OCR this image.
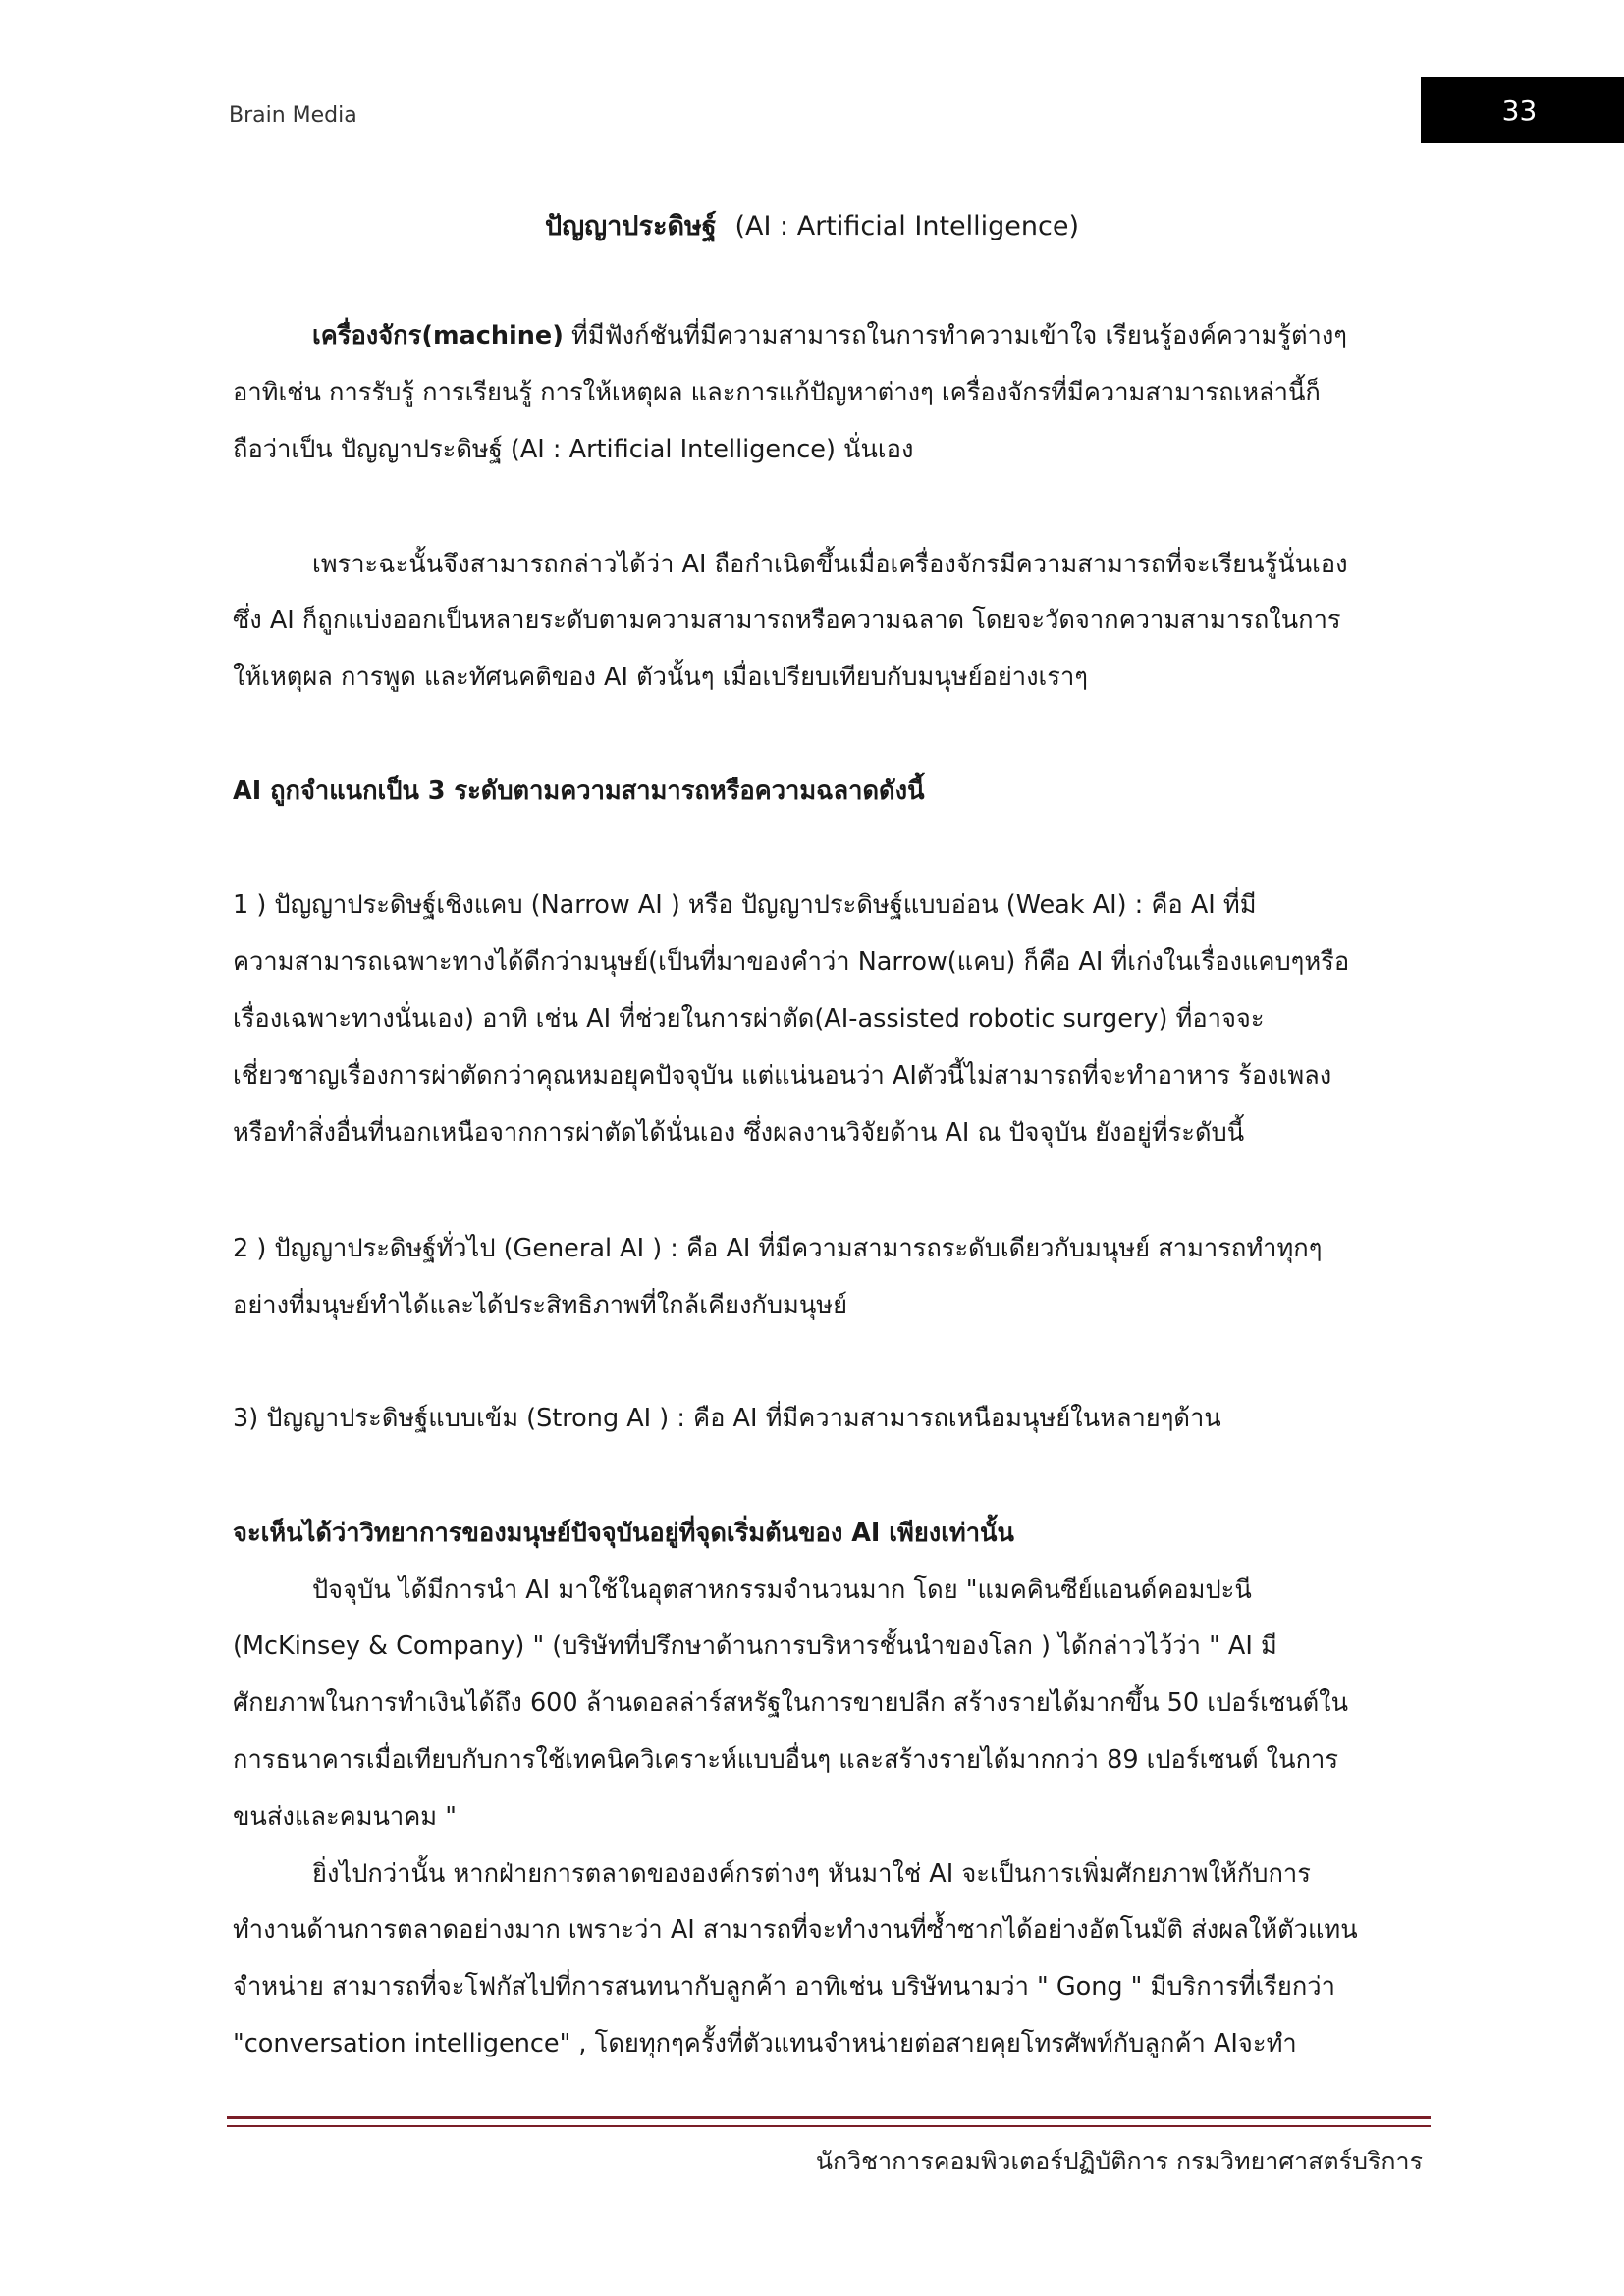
Brain Media	33
ปัญญาประดิษฐ์ (AI : Artificial Intelligence)
เครื่องจักร(machine) ที่มีฟังก์ชันที่มีความสามารถในการทำความเข้าใจ เรียนรู้องค์ความรู้ต่างๆ
อาทิเช่น การรับรู้ การเรียนรู้ การให้เหตุผล และการแก้ปัญหาต่างๆ เครื่องจักรที่มีความสามารถเหล่านี้ก็
ถือว่าเป็น ปัญญาประดิษฐ์ (AI : Artificial Intelligence) นั่นเอง
เพราะฉะนั้นจึงสามารถกล่าวได้ว่า AI ถือกำเนิดขึ้นเมื่อเครื่องจักรมีความสามารถที่จะเรียนรู้นั่นเอง
ซึ่ง AI ก็ถูกแบ่งออกเป็นหลายระดับตามความสามารถหรือความฉลาด โดยจะวัดจากความสามารถในการ
ให้เหตุผล การพูด และทัศนคติของ AI ตัวนั้นๆ เมื่อเปรียบเทียบกับมนุษย์อย่างเราๆ
AI ถูกจำแนกเป็น 3 ระดับตามความสามารถหรือความฉลาดดังนี้
1 ) ปัญญาประดิษฐ์เชิงแคบ (Narrow AI ) หรือ ปัญญาประดิษฐ์แบบอ่อน (Weak AI) : คือ AI ที่มี
ความสามารถเฉพาะทางได้ดีกว่ามนุษย์(เป็นที่มาของคำว่า Narrow(แคบ) ก็คือ AI ที่เก่งในเรื่องแคบๆหรือ
เรื่องเฉพาะทางนั่นเอง) อาทิ เช่น AI ที่ช่วยในการผ่าตัด(AI-assisted robotic surgery) ที่อาจจะ
เชี่ยวชาญเรื่องการผ่าตัดกว่าคุณหมอยุคปัจจุบัน แต่แน่นอนว่า AIตัวนี้ไม่สามารถที่จะทำอาหาร ร้องเพลง
หรือทำสิ่งอื่นที่นอกเหนือจากการผ่าตัดได้นั่นเอง ซึ่งผลงานวิจัยด้าน AI ณ ปัจจุบัน ยังอยู่ที่ระดับนี้
2 ) ปัญญาประดิษฐ์ทั่วไป (General AI ) : คือ AI ที่มีความสามารถระดับเดียวกับมนุษย์ สามารถทำทุกๆ
อย่างที่มนุษย์ทำได้และได้ประสิทธิภาพที่ใกล้เคียงกับมนุษย์
3) ปัญญาประดิษฐ์แบบเข้ม (Strong AI ) : คือ AI ที่มีความสามารถเหนือมนุษย์ในหลายๆด้าน
จะเห็นได้ว่าวิทยาการของมนุษย์ปัจจุบันอยู่ที่จุดเริ่มต้นของ AI เพียงเท่านั้น
ปัจจุบัน ได้มีการนำ AI มาใช้ในอุตสาหกรรมจำนวนมาก โดย "แมคคินซีย์แอนด์คอมปะนี
(McKinsey & Company) " (บริษัทที่ปรึกษาด้านการบริหารชั้นนำของโลก ) ได้กล่าวไว้ว่า " AI มี
ศักยภาพในการทำเงินได้ถึง 600 ล้านดอลล่าร์สหรัฐในการขายปลีก สร้างรายได้มากขึ้น 50 เปอร์เซนต์ใน
การธนาคารเมื่อเทียบกับการใช้เทคนิควิเคราะห์แบบอื่นๆ และสร้างรายได้มากกว่า 89 เปอร์เซนต์ ในการ
ขนส่งและคมนาคม "
ยิ่งไปกว่านั้น หากฝ่ายการตลาดขององค์กรต่างๆ หันมาใช่ AI จะเป็นการเพิ่มศักยภาพให้กับการ
ทำงานด้านการตลาดอย่างมาก เพราะว่า AI สามารถที่จะทำงานที่ซ้ำซากได้อย่างอัตโนมัติ ส่งผลให้ตัวแทน
จำหน่าย สามารถที่จะโฟกัสไปที่การสนทนากับลูกค้า อาทิเช่น บริษัทนามว่า " Gong " มีบริการที่เรียกว่า
"conversation intelligence" , โดยทุกๆครั้งที่ตัวแทนจำหน่ายต่อสายคุยโทรศัพท์กับลูกค้า AIจะทำ
นักวิชาการคอมพิวเตอร์ปฏิบัติการ กรมวิทยาศาสตร์บริการ
